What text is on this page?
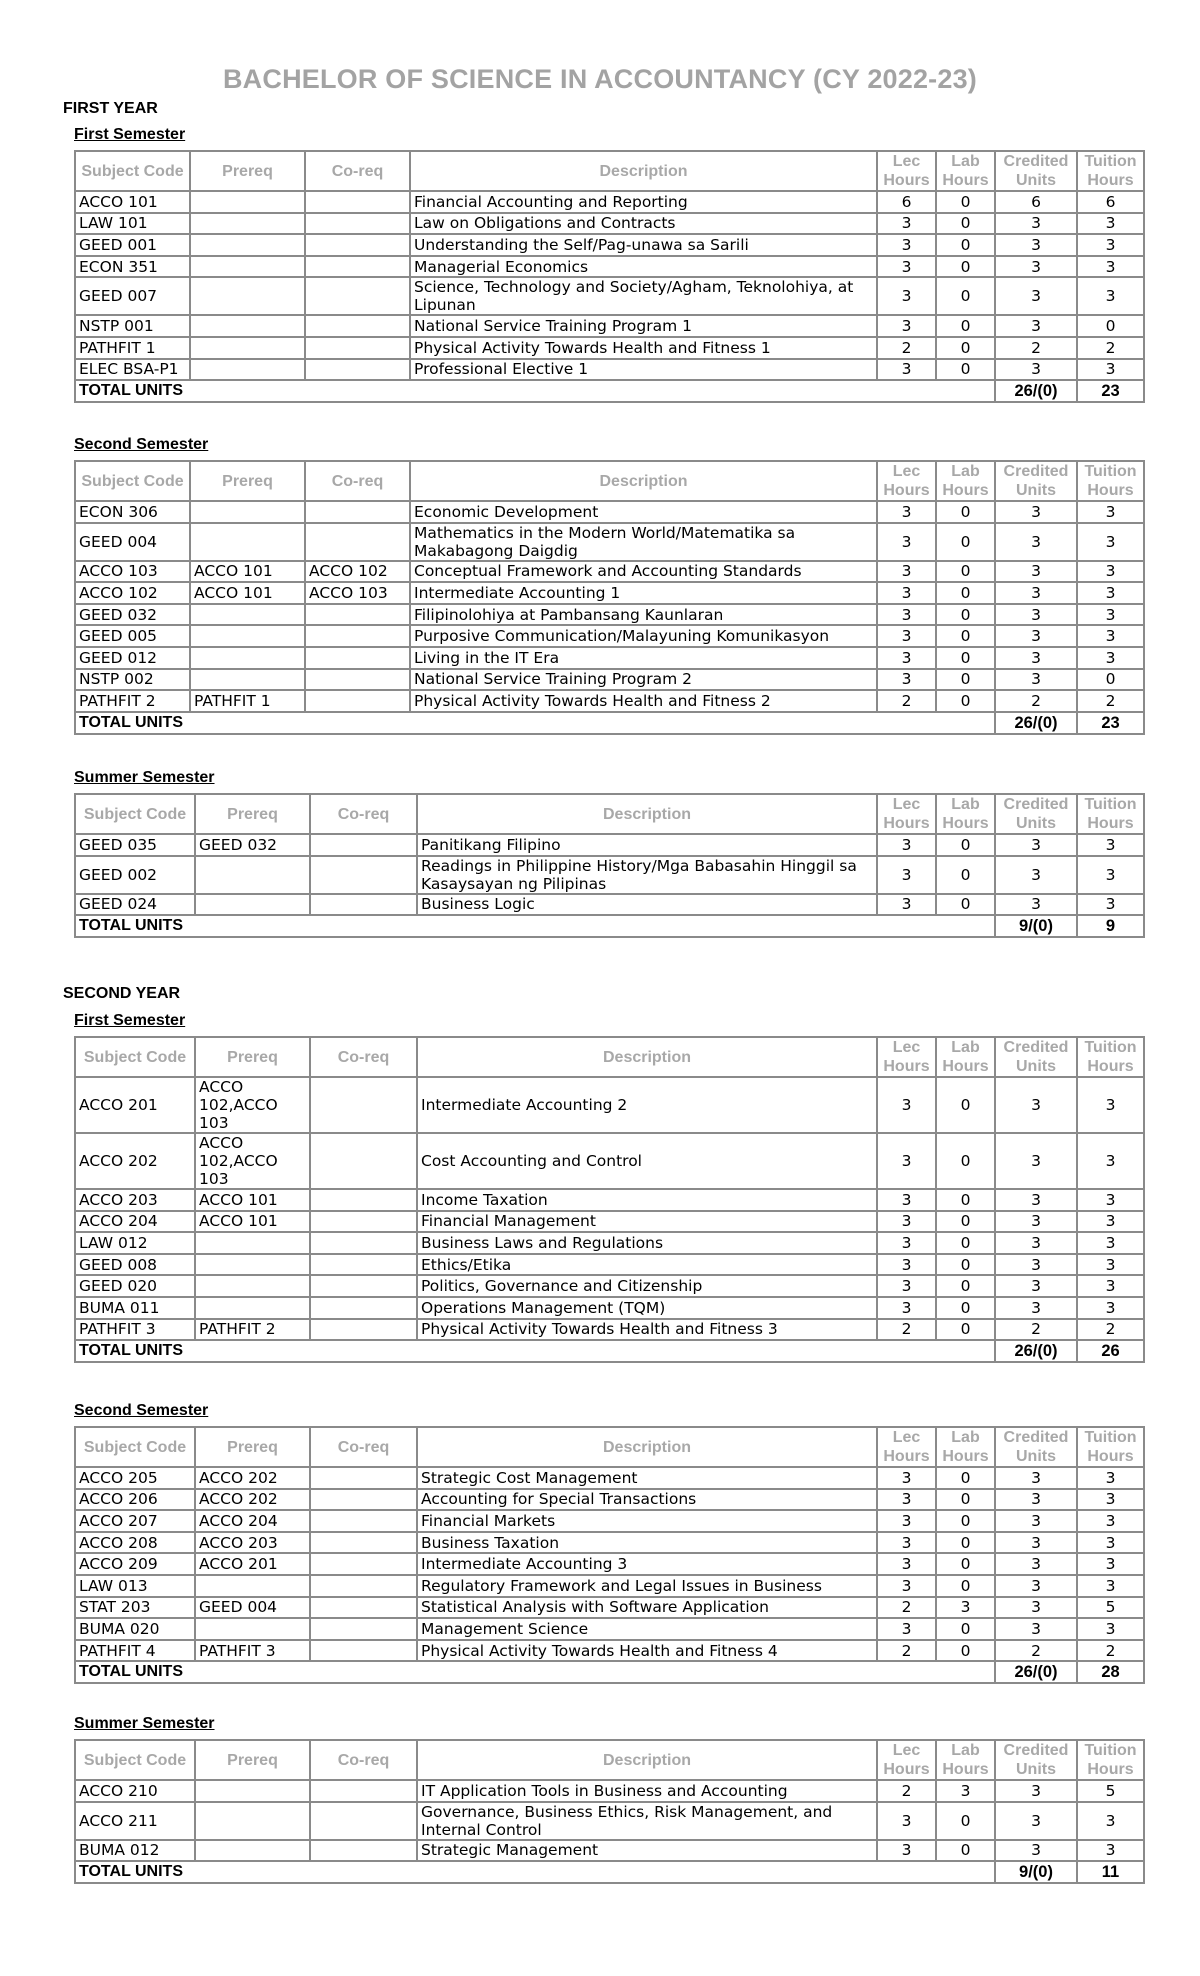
BACHELOR OF SCIENCE IN ACCOUNTANCY (CY 2022-23)
FIRST YEAR
First Semester
Subject Code	Prereq	Co-req	Description	Lec Hours	Lab Hours	Credited Units	Tuition Hours
ACCO 101			Financial Accounting and Reporting	6	0	6	6
LAW 101			Law on Obligations and Contracts	3	0	3	3
GEED 001			Understanding the Self/Pag-unawa sa Sarili	3	0	3	3
ECON 351			Managerial Economics	3	0	3	3
GEED 007			Science, Technology and Society/Agham, Teknolohiya, at Lipunan	3	0	3	3
NSTP 001			National Service Training Program 1	3	0	3	0
PATHFIT 1			Physical Activity Towards Health and Fitness 1	2	0	2	2
ELEC BSA-P1			Professional Elective 1	3	0	3	3
TOTAL UNITS						26/(0)	23
Second Semester
Subject Code	Prereq	Co-req	Description	Lec Hours	Lab Hours	Credited Units	Tuition Hours
ECON 306			Economic Development	3	0	3	3
GEED 004			Mathematics in the Modern World/Matematika sa Makabagong Daigdig	3	0	3	3
ACCO 103	ACCO 101	ACCO 102	Conceptual Framework and Accounting Standards	3	0	3	3
ACCO 102	ACCO 101	ACCO 103	Intermediate Accounting 1	3	0	3	3
GEED 032			Filipinolohiya at Pambansang Kaunlaran	3	0	3	3
GEED 005			Purposive Communication/Malayuning Komunikasyon	3	0	3	3
GEED 012			Living in the IT Era	3	0	3	3
NSTP 002			National Service Training Program 2	3	0	3	0
PATHFIT 2	PATHFIT 1		Physical Activity Towards Health and Fitness 2	2	0	2	2
TOTAL UNITS						26/(0)	23
Summer Semester
Subject Code	Prereq	Co-req	Description	Lec Hours	Lab Hours	Credited Units	Tuition Hours
GEED 035	GEED 032		Panitikang Filipino	3	0	3	3
GEED 002			Readings in Philippine History/Mga Babasahin Hinggil sa Kasaysayan ng Pilipinas	3	0	3	3
GEED 024			Business Logic	3	0	3	3
TOTAL UNITS						9/(0)	9
SECOND YEAR
First Semester
Subject Code	Prereq	Co-req	Description	Lec Hours	Lab Hours	Credited Units	Tuition Hours
ACCO 201	ACCO 102,ACCO 103		Intermediate Accounting 2	3	0	3	3
ACCO 202	ACCO 102,ACCO 103		Cost Accounting and Control	3	0	3	3
ACCO 203	ACCO 101		Income Taxation	3	0	3	3
ACCO 204	ACCO 101		Financial Management	3	0	3	3
LAW 012			Business Laws and Regulations	3	0	3	3
GEED 008			Ethics/Etika	3	0	3	3
GEED 020			Politics, Governance and Citizenship	3	0	3	3
BUMA 011			Operations Management (TQM)	3	0	3	3
PATHFIT 3	PATHFIT 2		Physical Activity Towards Health and Fitness 3	2	0	2	2
TOTAL UNITS						26/(0)	26
Second Semester
Subject Code	Prereq	Co-req	Description	Lec Hours	Lab Hours	Credited Units	Tuition Hours
ACCO 205	ACCO 202		Strategic Cost Management	3	0	3	3
ACCO 206	ACCO 202		Accounting for Special Transactions	3	0	3	3
ACCO 207	ACCO 204		Financial Markets	3	0	3	3
ACCO 208	ACCO 203		Business Taxation	3	0	3	3
ACCO 209	ACCO 201		Intermediate Accounting 3	3	0	3	3
LAW 013			Regulatory Framework and Legal Issues in Business	3	0	3	3
STAT 203	GEED 004		Statistical Analysis with Software Application	2	3	3	5
BUMA 020			Management Science	3	0	3	3
PATHFIT 4	PATHFIT 3		Physical Activity Towards Health and Fitness 4	2	0	2	2
TOTAL UNITS						26/(0)	28
Summer Semester
Subject Code	Prereq	Co-req	Description	Lec Hours	Lab Hours	Credited Units	Tuition Hours
ACCO 210			IT Application Tools in Business and Accounting	2	3	3	5
ACCO 211			Governance, Business Ethics, Risk Management, and Internal Control	3	0	3	3
BUMA 012			Strategic Management	3	0	3	3
TOTAL UNITS						9/(0)	11
